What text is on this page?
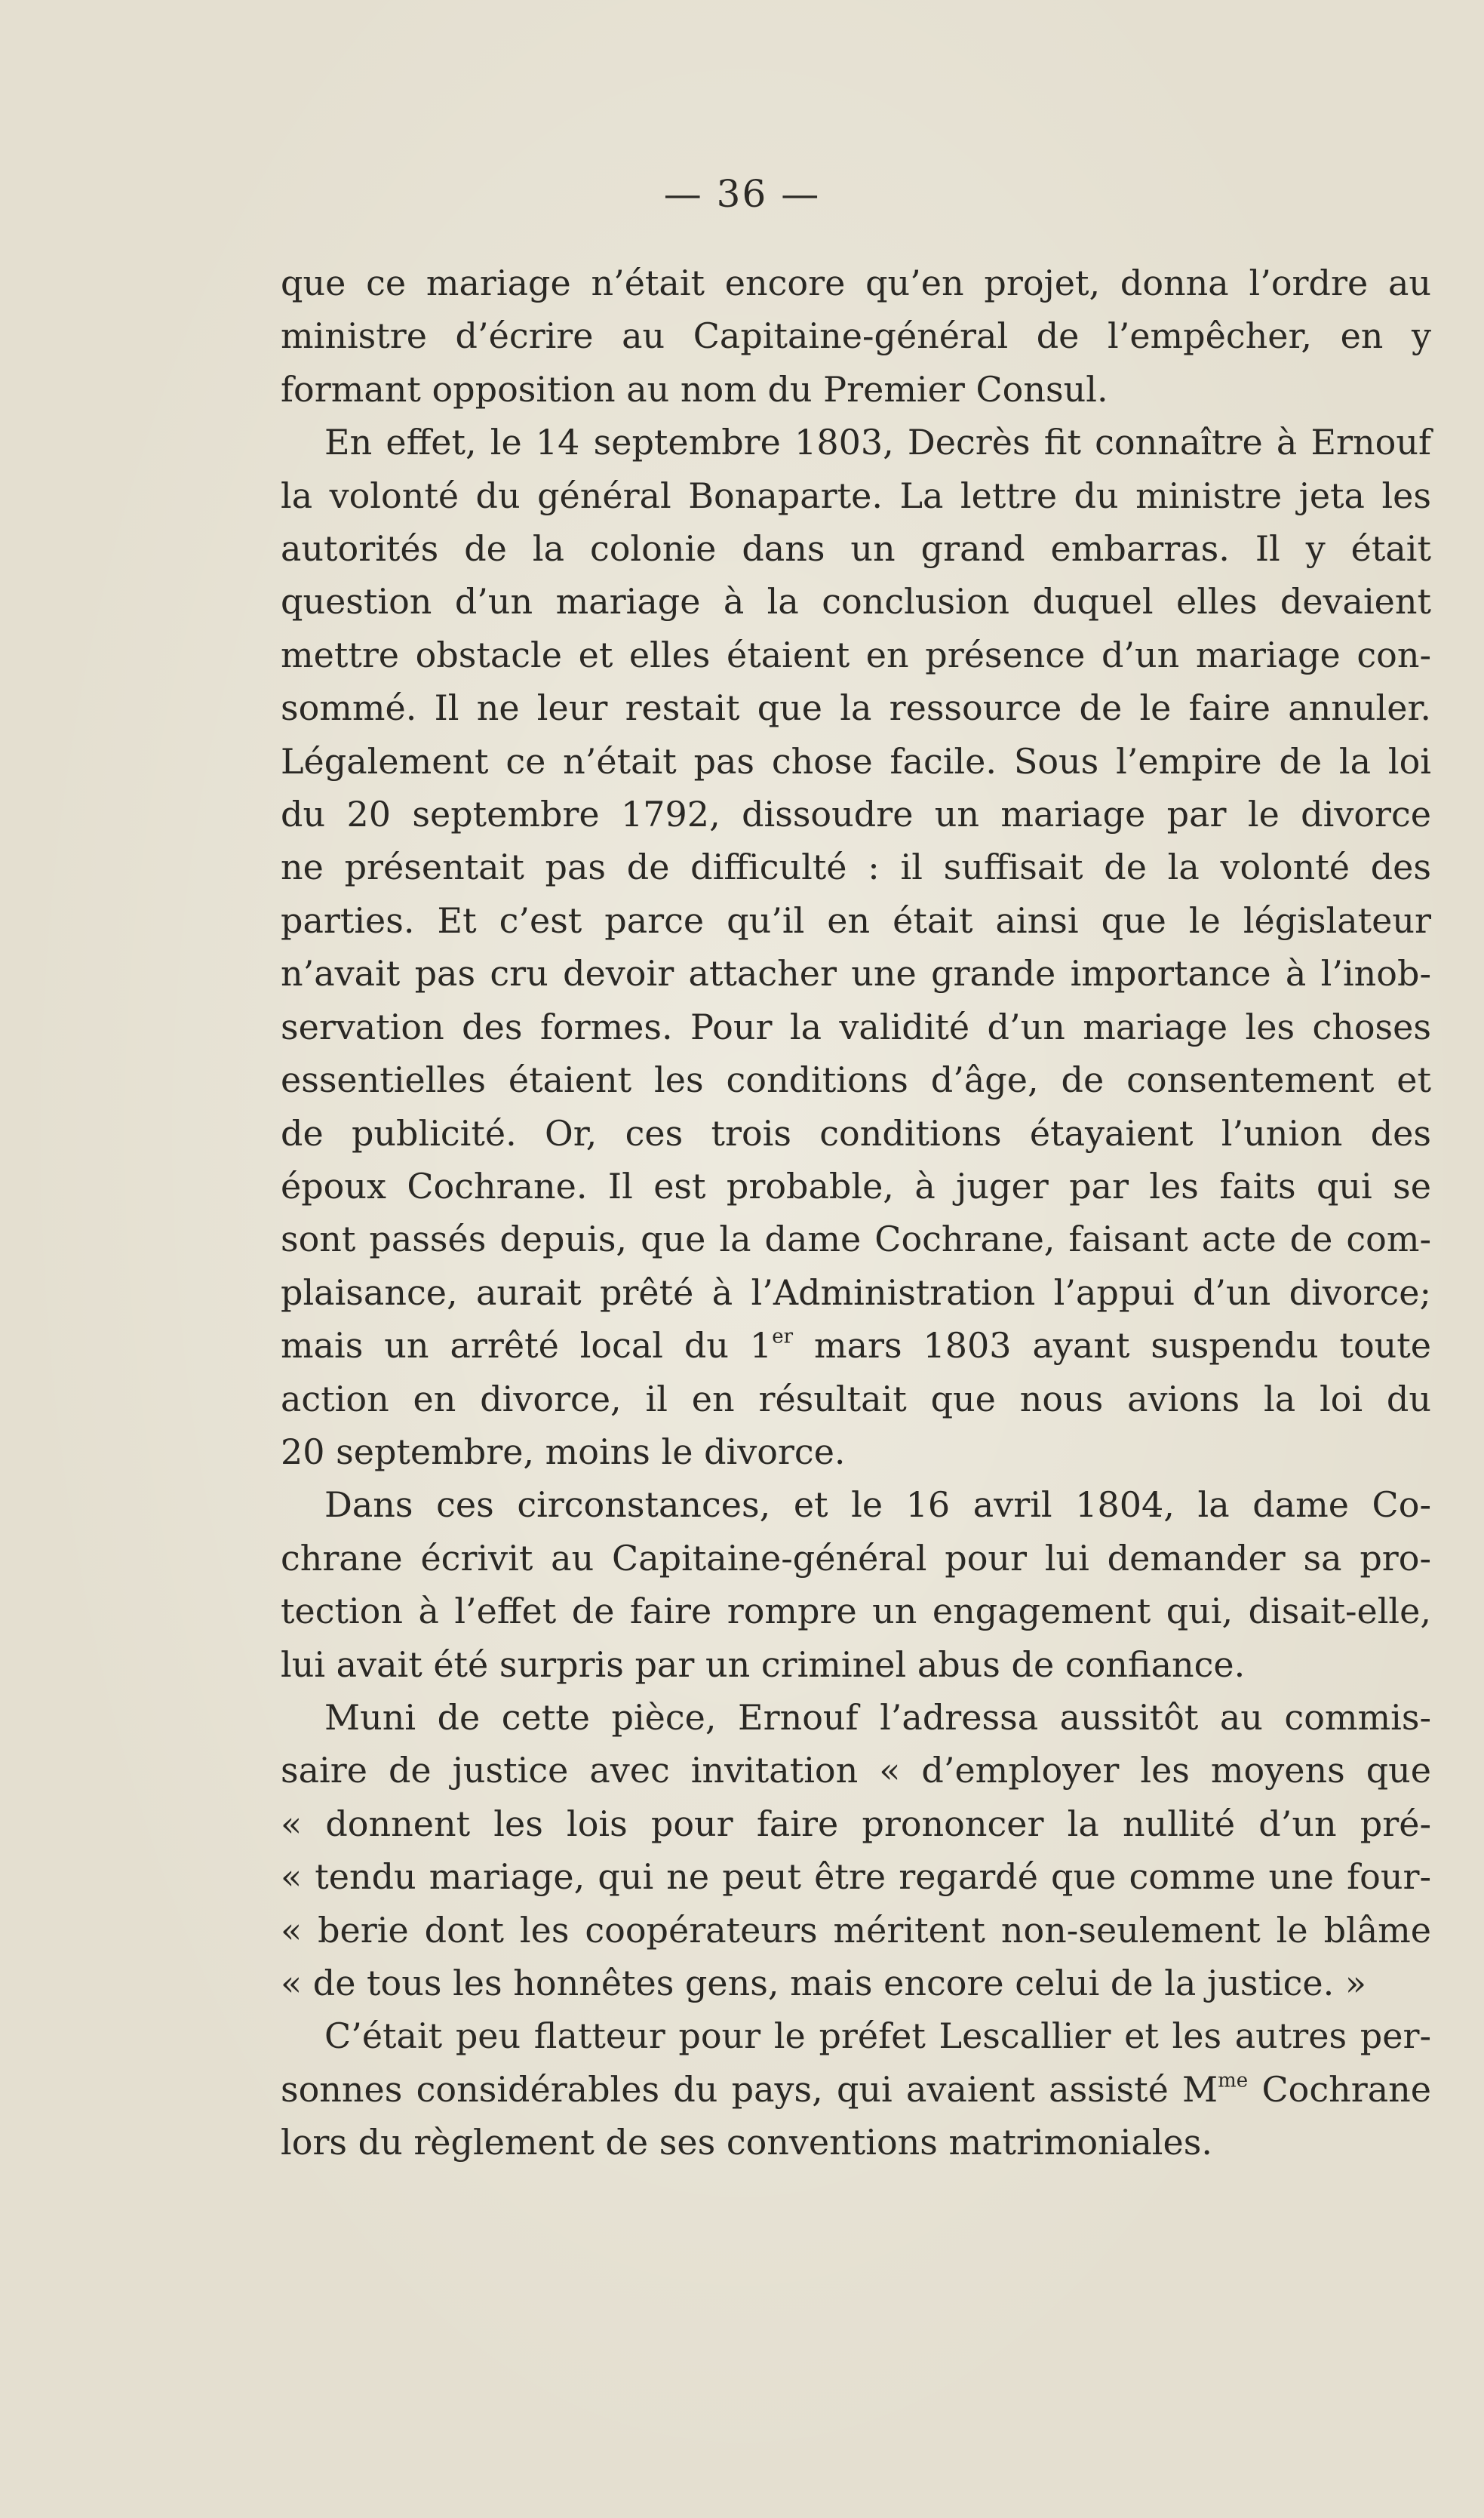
— 36 —

que ce mariage n’était encore qu’en projet, donna l’ordre au

ministre d’écrire au Capitaine-général de l’empêcher, en y

formant opposition au nom du Premier Consul.

En effet, le 14 septembre 1803, Decrès fit connaître à Ernouf

la volonté du général Bonaparte. La lettre du ministre jeta les

autorités de la colonie dans un grand embarras. Il y était

question d’un mariage à la conclusion duquel elles devaient

mettre obstacle et elles étaient en présence d’un mariage con-

sommé. Il ne leur restait que la ressource de le faire annuler.

Légalement ce n’était pas chose facile. Sous l’empire de la loi

du 20 septembre 1792, dissoudre un mariage par le divorce

ne présentait pas de difficulté : il suffisait de la volonté des

parties. Et c’est parce qu’il en était ainsi que le législateur

n’avait pas cru devoir attacher une grande importance à l’inob-

servation des formes. Pour la validité d’un mariage les choses

essentielles étaient les conditions d’âge, de consentement et

de publicité. Or, ces trois conditions étayaient l’union des

époux Cochrane. Il est probable, à juger par les faits qui se

sont passés depuis, que la dame Cochrane, faisant acte de com-

plaisance, aurait prêté à l’Administration l’appui d’un divorce;

mais un arrêté local du 1er mars 1803 ayant suspendu toute

action en divorce, il en résultait que nous avions la loi du

20 septembre, moins le divorce.

Dans ces circonstances, et le 16 avril 1804, la dame Co-

chrane écrivit au Capitaine-général pour lui demander sa pro-

tection à l’effet de faire rompre un engagement qui, disait-elle,

lui avait été surpris par un criminel abus de confiance.

Muni de cette pièce, Ernouf l’adressa aussitôt au commis-

saire de justice avec invitation « d’employer les moyens que

« donnent les lois pour faire prononcer la nullité d’un pré-

« tendu mariage, qui ne peut être regardé que comme une four-

« berie dont les coopérateurs méritent non-seulement le blâme

« de tous les honnêtes gens, mais encore celui de la justice. »

C’était peu flatteur pour le préfet Lescallier et les autres per-

sonnes considérables du pays, qui avaient assisté $M^{me}$ Cochrane

lors du règlement de ses conventions matrimoniales.
